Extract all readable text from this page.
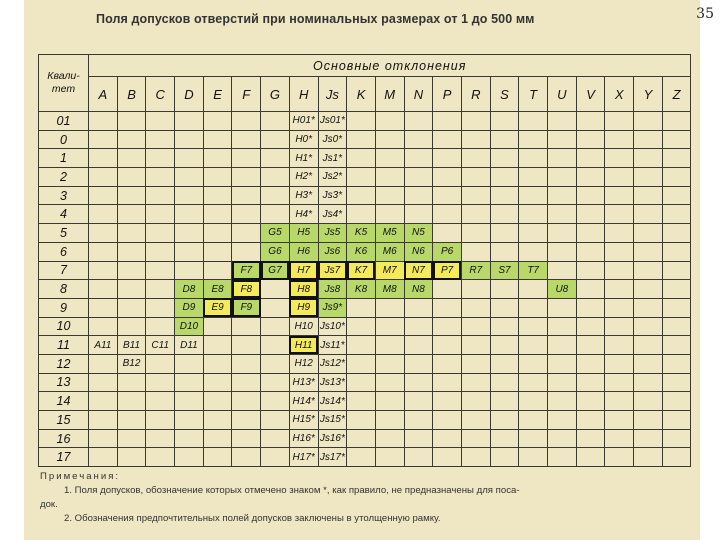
35
Поля допусков отверстий при номинальных размерах от 1 до 500 мм
Квали-
тет	Основные отклонения																				
	A	B	C	D	E	F	G	H	Js	K	M	N	P	R	S	T	U	V	X	Y	Z
01								H01*	Js01*												
0								H0*	Js0*												
1								H1*	Js1*												
2								H2*	Js2*												
3								H3*	Js3*												
4								H4*	Js4*												
5							G5	H5	Js5	K5	M5	N5									
6							G6	H6	Js6	K6	M6	N6	P6								
7						F7	G7	H7	Js7	K7	M7	N7	P7	R7	S7	T7					
8				D8	E8	F8		H8	Js8	K8	M8	N8					U8				
9				D9	E9	F9		H9	Js9*												
10				D10				H10	Js10*												
11	A11	B11	C11	D11				H11	Js11*												
12		B12						H12	Js12*												
13								H13*	Js13*												
14								H14*	Js14*												
15								H15*	Js15*												
16								H16*	Js16*												
17								H17*	Js17*												
Примечания:
1. Поля допусков, обозначение которых отмечено знаком *, как правило, не предназначены для поса-
док.
2. Обозначения предпочтительных полей допусков заключены в утолщенную рамку.
